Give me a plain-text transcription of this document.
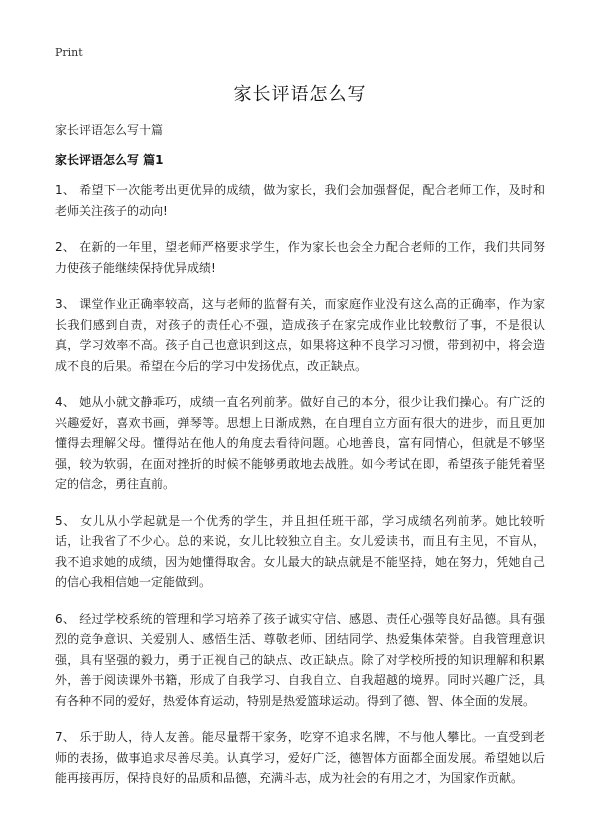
Print
家长评语怎么写
家长评语怎么写十篇
家长评语怎么写 篇1

1、 希望下一次能考出更优异的成绩，做为家长，我们会加强督促，配合老师工作，及时和老师关注孩子的动向!

2、 在新的一年里，望老师严格要求学生，作为家长也会全力配合老师的工作，我们共同努力使孩子能继续保持优异成绩!

3、 课堂作业正确率较高，这与老师的监督有关，而家庭作业没有这么高的正确率，作为家长我们感到自责，对孩子的责任心不强，造成孩子在家完成作业比较敷衍了事，不是很认真，学习效率不高。孩子自己也意识到这点，如果将这种不良学习习惯，带到初中，将会造成不良的后果。希望在今后的学习中发扬优点，改正缺点。

4、 她从小就文静乖巧，成绩一直名列前茅。做好自己的本分，很少让我们操心。有广泛的兴趣爱好，喜欢书画，弹琴等。思想上日渐成熟，在自理自立方面有很大的进步，而且更加懂得去理解父母。懂得站在他人的角度去看待问题。心地善良，富有同情心，但就是不够坚强，较为软弱，在面对挫折的时候不能够勇敢地去战胜。如今考试在即，希望孩子能凭着坚定的信念，勇往直前。

5、 女儿从小学起就是一个优秀的学生，并且担任班干部，学习成绩名列前茅。她比较听话，让我省了不少心。总的来说，女儿比较独立自主。女儿爱读书，而且有主见，不盲从，我不追求她的成绩，因为她懂得取舍。女儿最大的缺点就是不能坚持，她在努力，凭她自己的信心我相信她一定能做到。

6、 经过学校系统的管理和学习培养了孩子诚实守信、感恩、责任心强等良好品德。具有强烈的竞争意识、关爱别人、感悟生活、尊敬老师、团结同学、热爱集体荣誉。自我管理意识强，具有坚强的毅力，勇于正视自己的缺点、改正缺点。除了对学校所授的知识理解和积累外，善于阅读课外书籍，形成了自我学习、自我自立、自我超越的境界。同时兴趣广泛，具有各种不同的爱好，热爱体育运动，特别是热爱篮球运动。得到了德、智、体全面的发展。

7、 乐于助人，待人友善。能尽量帮干家务，吃穿不追求名牌，不与他人攀比。一直受到老师的表扬，做事追求尽善尽美。认真学习，爱好广泛，德智体方面都全面发展。希望她以后能再接再厉，保持良好的品质和品德，充满斗志，成为社会的有用之才，为国家作贡献。
